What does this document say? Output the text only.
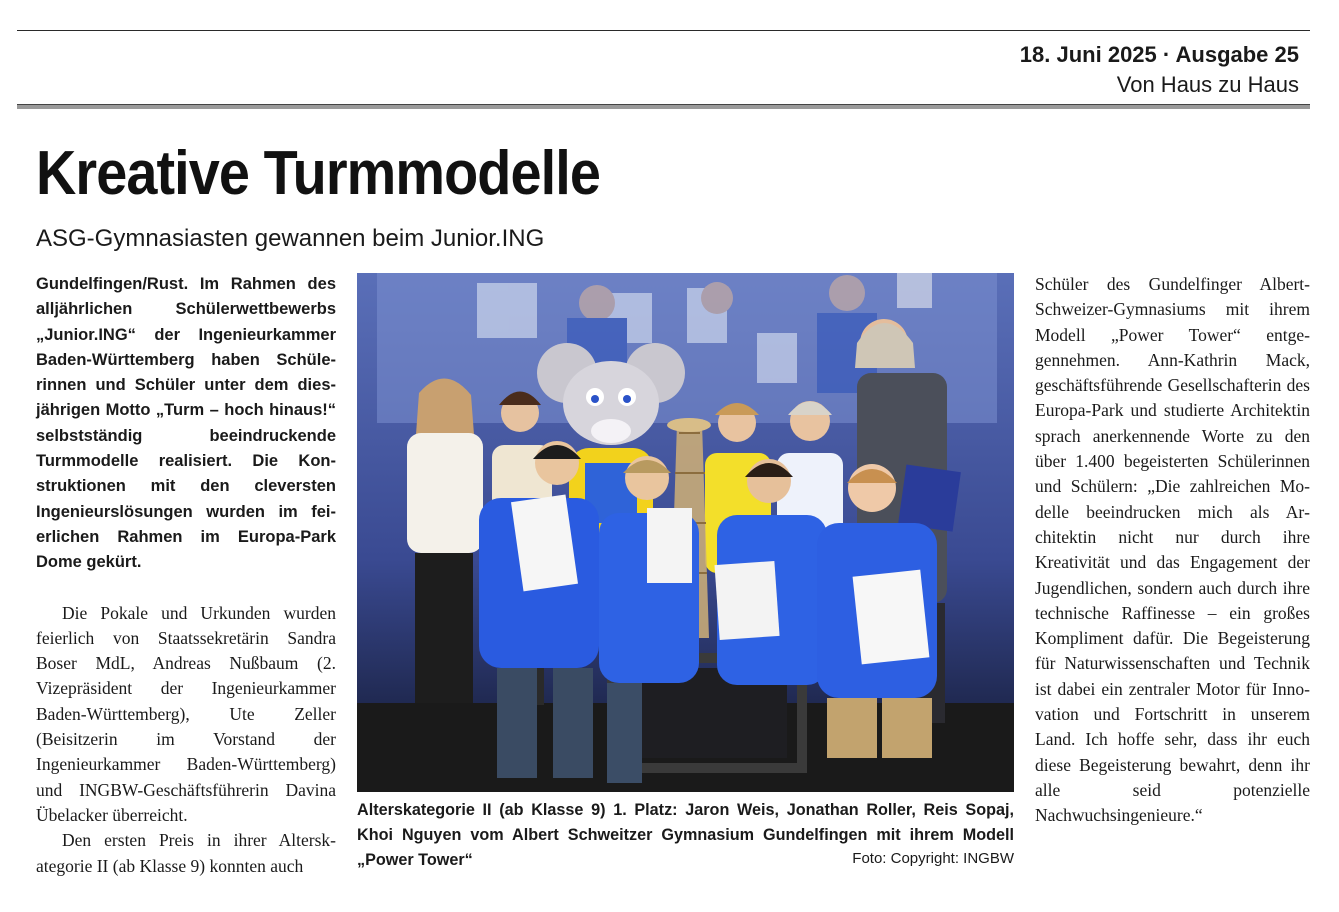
18. Juni 2025 · Ausgabe 25
Von Haus zu Haus
Kreative Turmmodelle
ASG-Gymnasiasten gewannen beim Junior.ING

Gundelfingen/Rust. Im Rahmen des alljährlichen Schülerwettbewerbs „Junior.ING“ der Ingenieurkammer Baden-Württemberg haben Schülerinnen und Schüler unter dem diesjährigen Motto „Turm – hoch hinaus!“ selbstständig beeindruckende Turmmodelle realisiert. Die Konstruktionen mit den cleversten Ingenieurslösungen wurden im feierlichen Rahmen im Europa-Park Dome gekürt.

Die Pokale und Urkunden wurden feierlich von Staatssekretärin Sandra Boser MdL, Andreas Nußbaum (2. Vizepräsident der Ingenieurkammer Baden-Württemberg), Ute Zeller (Beisitzerin im Vorstand der Ingenieurkammer Baden-Württemberg) und INGBW-Geschäftsführerin Davina Übelacker überreicht.

Den ersten Preis in ihrer Alterskategorie II (ab Klasse 9) konnten auch

Alterskategorie II (ab Klasse 9) 1. Platz: Jaron Weis, Jonathan Roller, Reis Sopaj, Khoi Nguyen vom Albert Schweitzer Gymnasium Gundelfingen mit ihrem Modell „Power Tower“	Foto: Copyright: INGBW

Schüler des Gundelfinger Albert-Schweizer-Gymnasiums mit ihrem Modell „Power Tower“ entgegennehmen. Ann-Kathrin Mack, geschäftsführende Gesellschafterin des Europa-Park und studierte Architektin sprach anerkennende Worte zu den über 1.400 begeisterten Schülerinnen und Schülern: „Die zahlreichen Modelle beeindrucken mich als Architektin nicht nur durch ihre Kreativität und das Engagement der Jugendlichen, sondern auch durch ihre technische Raffinesse – ein großes Kompliment dafür. Die Begeisterung für Naturwissenschaften und Technik ist dabei ein zentraler Motor für Innovation und Fortschritt in unserem Land. Ich hoffe sehr, dass ihr euch diese Begeisterung bewahrt, denn ihr alle seid potenzielle Nachwuchsingenieure.“
